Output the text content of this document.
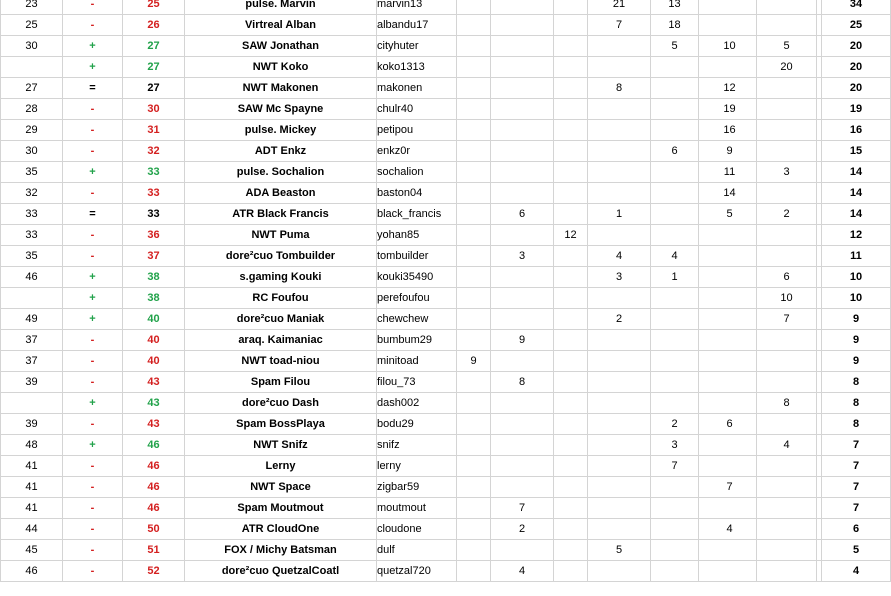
23	-	25	pulse. Marvin	marvin13				21	13				34
25	-	26	Virtreal Alban	albandu17				7	18				25
30	+	27	SAW Jonathan	cityhuter					5	10	5		20
	+	27	NWT Koko	koko1313							20		20
27	=	27	NWT Makonen	makonen				8		12			20
28	-	30	SAW Mc Spayne	chulr40						19			19
29	-	31	pulse. Mickey	petipou						16			16
30	-	32	ADT Enkz	enkz0r					6	9			15
35	+	33	pulse. Sochalion	sochalion						11	3		14
32	-	33	ADA Beaston	baston04						14			14
33	=	33	ATR Black Francis	black_francis		6		1		5	2		14
33	-	36	NWT Puma	yohan85			12						12
35	-	37	dore²cuo Tombuilder	tombuilder		3		4	4				11
46	+	38	s.gaming Kouki	kouki35490				3	1		6		10
	+	38	RC Foufou	perefoufou							10		10
49	+	40	dore²cuo Maniak	chewchew				2			7		9
37	-	40	araq. Kaimaniac	bumbum29		9							9
37	-	40	NWT toad-niou	minitoad	9								9
39	-	43	Spam Filou	filou_73		8							8
	+	43	dore²cuo Dash	dash002							8		8
39	-	43	Spam BossPlaya	bodu29					2	6			8
48	+	46	NWT Snifz	snifz					3		4		7
41	-	46	Lerny	lerny					7				7
41	-	46	NWT Space	zigbar59						7			7
41	-	46	Spam Moutmout	moutmout		7							7
44	-	50	ATR CloudOne	cloudone		2				4			6
45	-	51	FOX / Michy Batsman	dulf				5					5
46	-	52	dore²cuo QuetzalCoatl	quetzal720		4							4
